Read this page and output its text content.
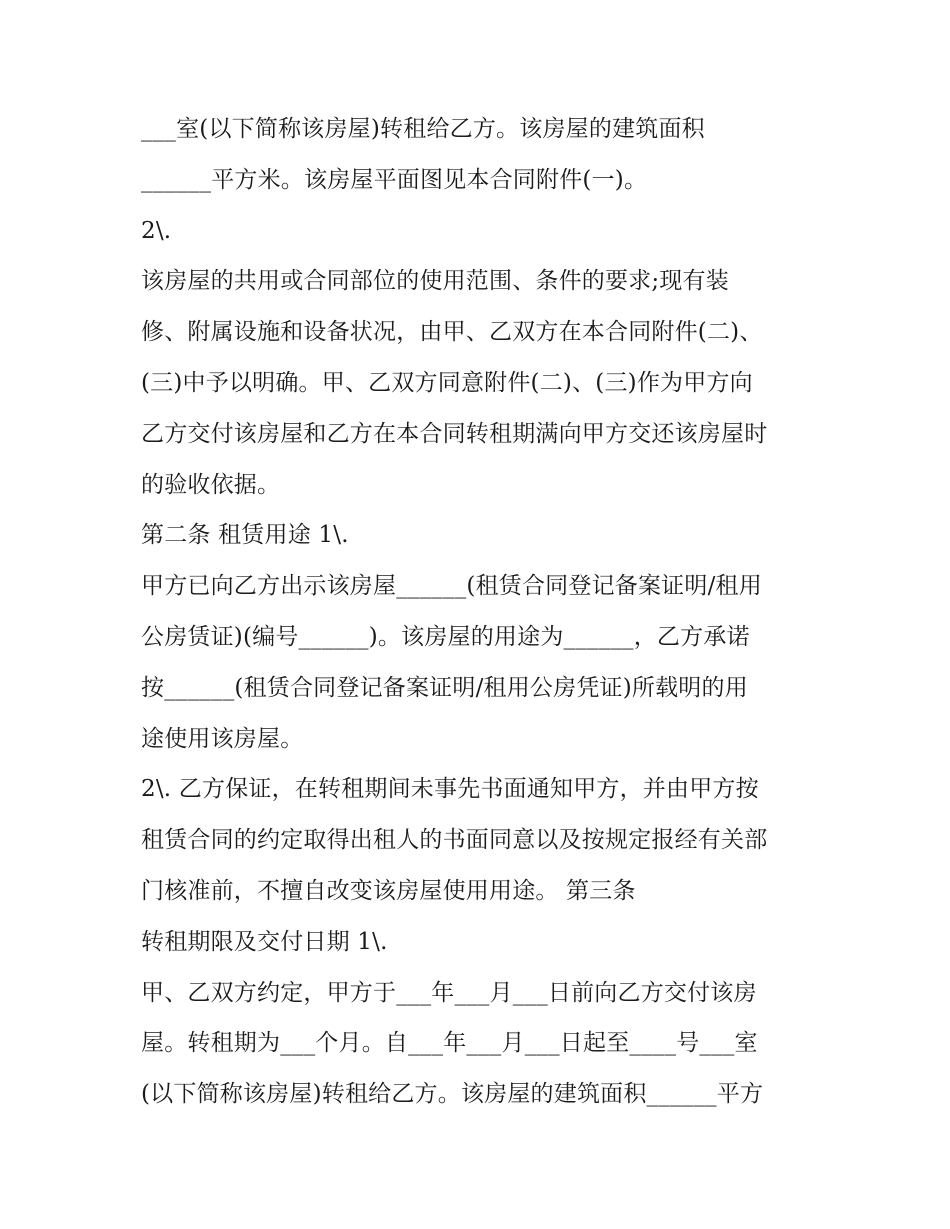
___室(以下简称该房屋)转租给乙方。该房屋的建筑面积
______平方米。该房屋平面图见本合同附件(一)。
2\.
该房屋的共用或合同部位的使用范围、条件的要求;现有装
修、附属设施和设备状况，由甲、乙双方在本合同附件(二)、
(三)中予以明确。甲、乙双方同意附件(二)、(三)作为甲方向
乙方交付该房屋和乙方在本合同转租期满向甲方交还该房屋时
的验收依据。
第二条 租赁用途 1\.
甲方已向乙方出示该房屋______(租赁合同登记备案证明/租用
公房赁证)(编号______)。该房屋的用途为______，乙方承诺
按______(租赁合同登记备案证明/租用公房凭证)所载明的用
途使用该房屋。
2\. 乙方保证，在转租期间未事先书面通知甲方，并由甲方按
租赁合同的约定取得出租人的书面同意以及按规定报经有关部
门核准前，不擅自改变该房屋使用用途。 第三条
转租期限及交付日期 1\.
甲、乙双方约定，甲方于___年___月___日前向乙方交付该房
屋。转租期为___个月。自___年___月___日起至____号___室
(以下简称该房屋)转租给乙方。该房屋的建筑面积______平方
